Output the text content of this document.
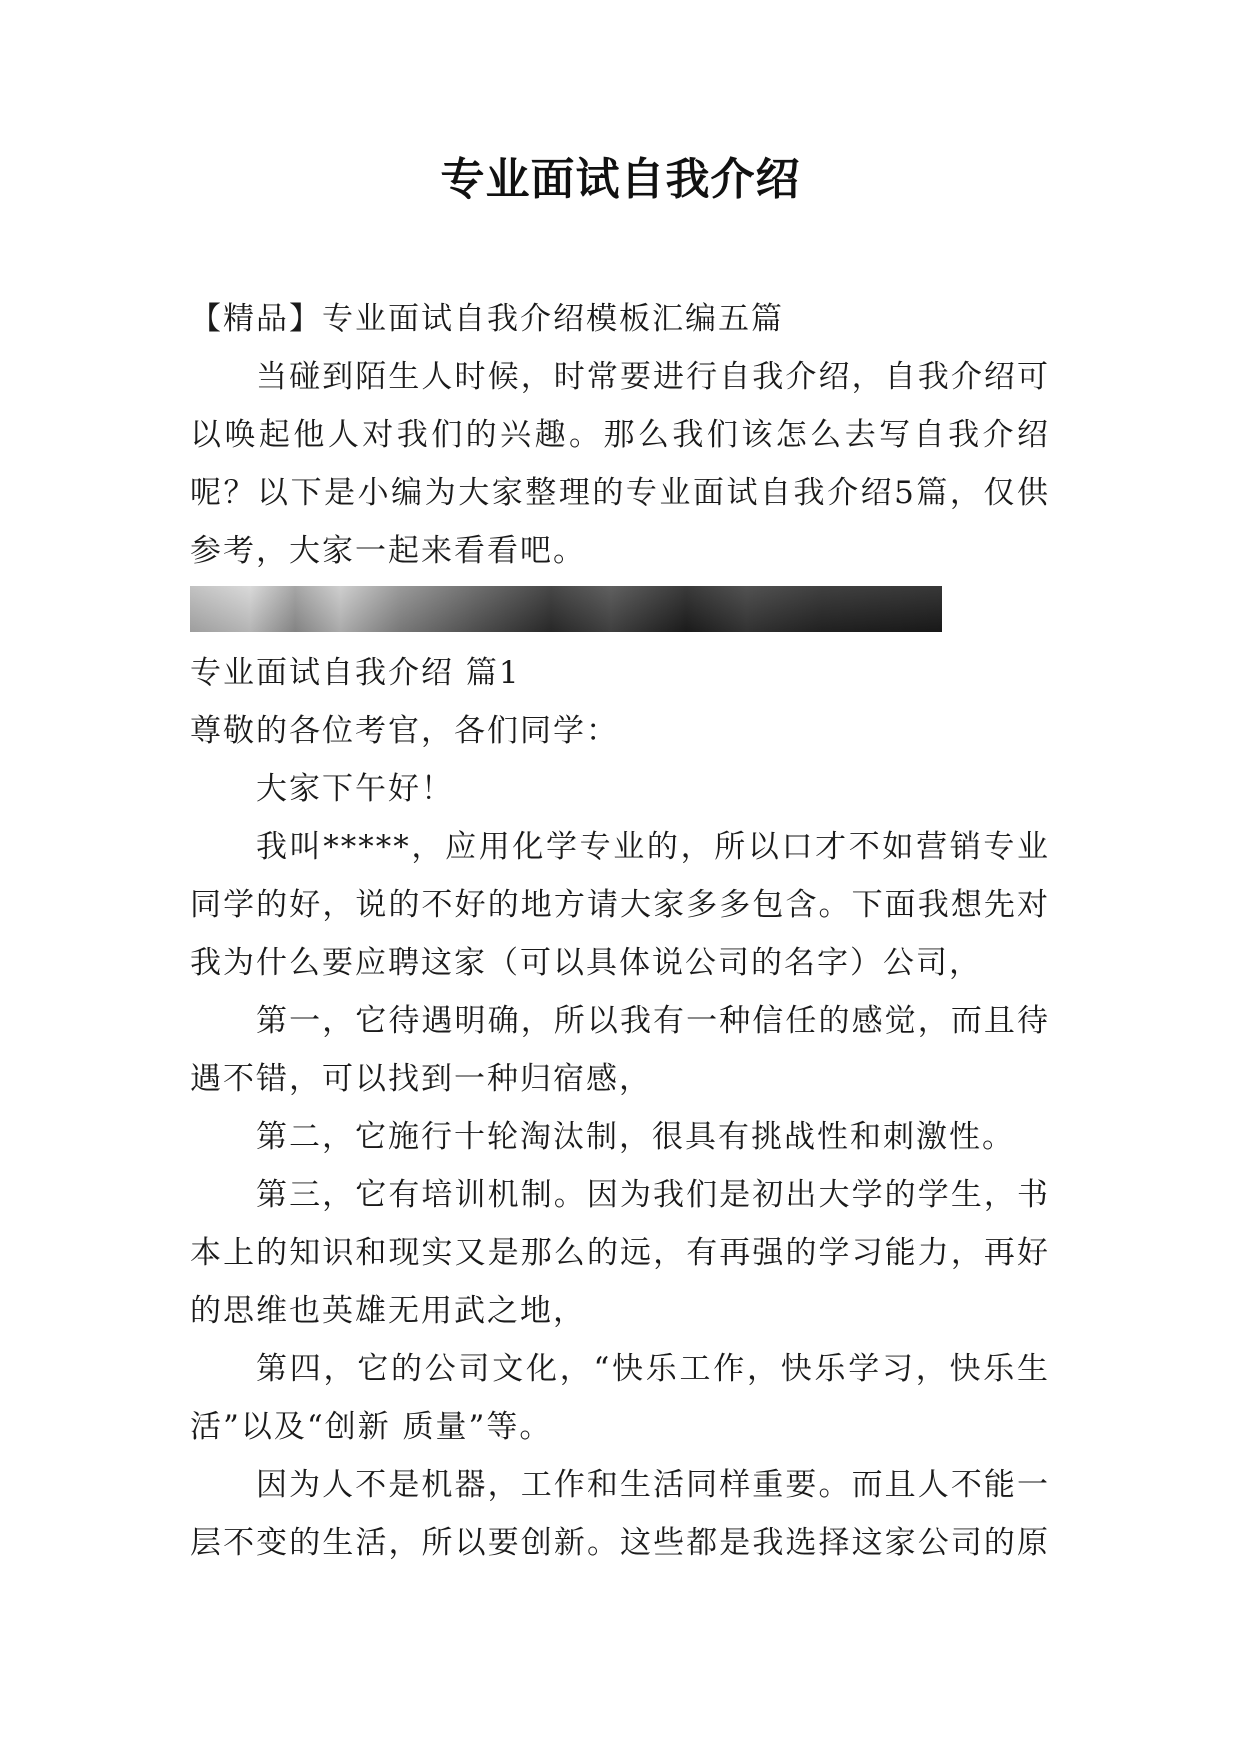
专业面试自我介绍
【精品】专业面试自我介绍模板汇编五篇
当碰到陌生人时候，时常要进行自我介绍，自我介绍可
以唤起他人对我们的兴趣。那么我们该怎么去写自我介绍
呢？以下是小编为大家整理的专业面试自我介绍5篇，仅供
参考，大家一起来看看吧。
专业面试自我介绍 篇1
尊敬的各位考官，各们同学：
大家下午好！
我叫*****，应用化学专业的，所以口才不如营销专业
同学的好，说的不好的地方请大家多多包含。下面我想先对
我为什么要应聘这家（可以具体说公司的名字）公司，
第一，它待遇明确，所以我有一种信任的感觉，而且待
遇不错，可以找到一种归宿感，
第二，它施行十轮淘汰制，很具有挑战性和刺激性。
第三，它有培训机制。因为我们是初出大学的学生，书
本上的知识和现实又是那么的远，有再强的学习能力，再好
的思维也英雄无用武之地，
第四，它的公司文化，“快乐工作，快乐学习，快乐生
活”以及“创新 质量”等。
因为人不是机器，工作和生活同样重要。而且人不能一
层不变的生活，所以要创新。这些都是我选择这家公司的原
